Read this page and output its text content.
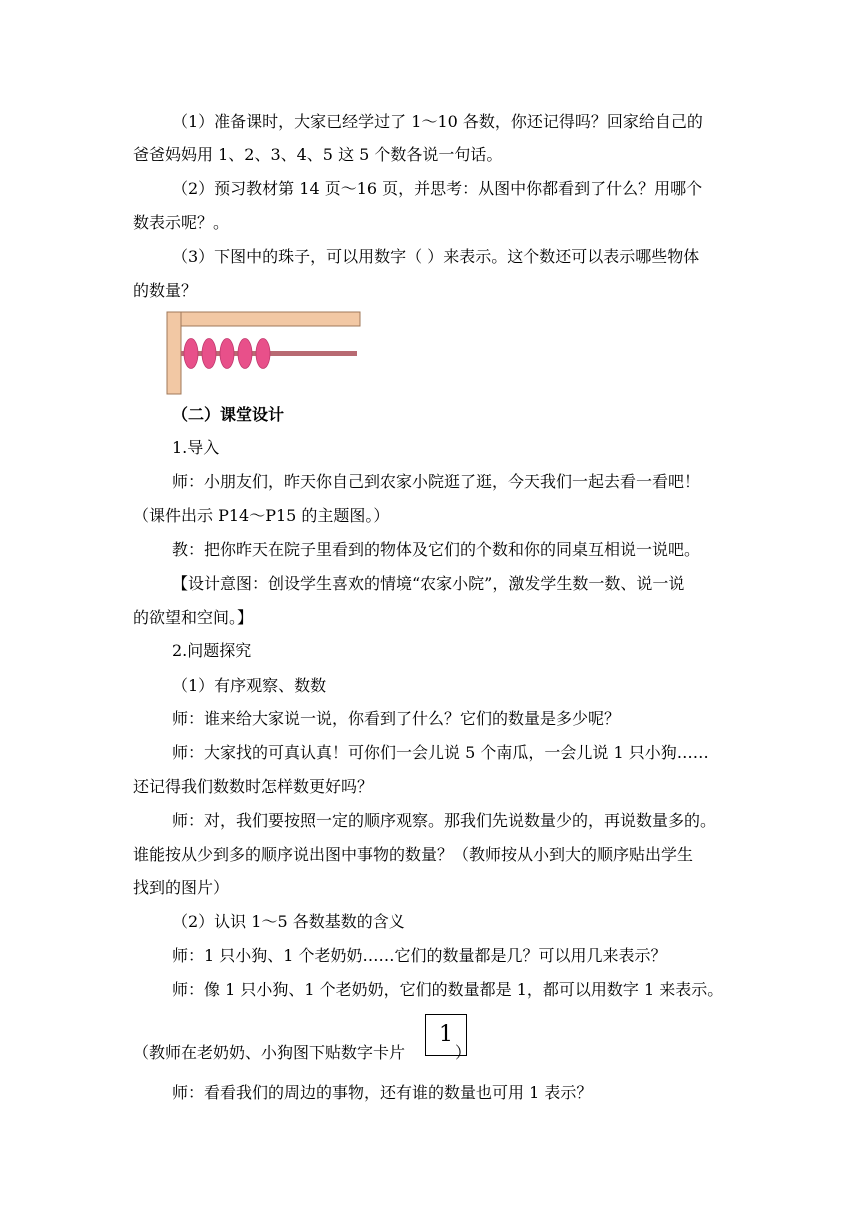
（1）准备课时，大家已经学过了 1～10 各数，你还记得吗？回家给自己的
爸爸妈妈用 1、2、3、4、5 这 5 个数各说一句话。
（2）预习教材第 14 页～16 页，并思考：从图中你都看到了什么？用哪个
数表示呢？。
（3）下图中的珠子，可以用数字（ ）来表示。这个数还可以表示哪些物体
的数量？
（二）课堂设计
1.导入
师：小朋友们，昨天你自己到农家小院逛了逛，今天我们一起去看一看吧！
（课件出示 P14～P15 的主题图。）
教：把你昨天在院子里看到的物体及它们的个数和你的同桌互相说一说吧。
【设计意图：创设学生喜欢的情境“农家小院”，激发学生数一数、说一说
的欲望和空间。】
2.问题探究
（1）有序观察、数数
师：谁来给大家说一说，你看到了什么？它们的数量是多少呢？
师：大家找的可真认真！可你们一会儿说 5 个南瓜，一会儿说 1 只小狗……
还记得我们数数时怎样数更好吗？
师：对，我们要按照一定的顺序观察。那我们先说数量少的，再说数量多的。
谁能按从少到多的顺序说出图中事物的数量？（教师按从小到大的顺序贴出学生
找到的图片）
（2）认识 1～5 各数基数的含义
师：1 只小狗、1 个老奶奶……它们的数量都是几？可以用几来表示？
师：像 1 只小狗、1 个老奶奶，它们的数量都是 1，都可以用数字 1 来表示。
（教师在老奶奶、小狗图下贴数字卡片	）
1
师：看看我们的周边的事物，还有谁的数量也可用 1 表示？
